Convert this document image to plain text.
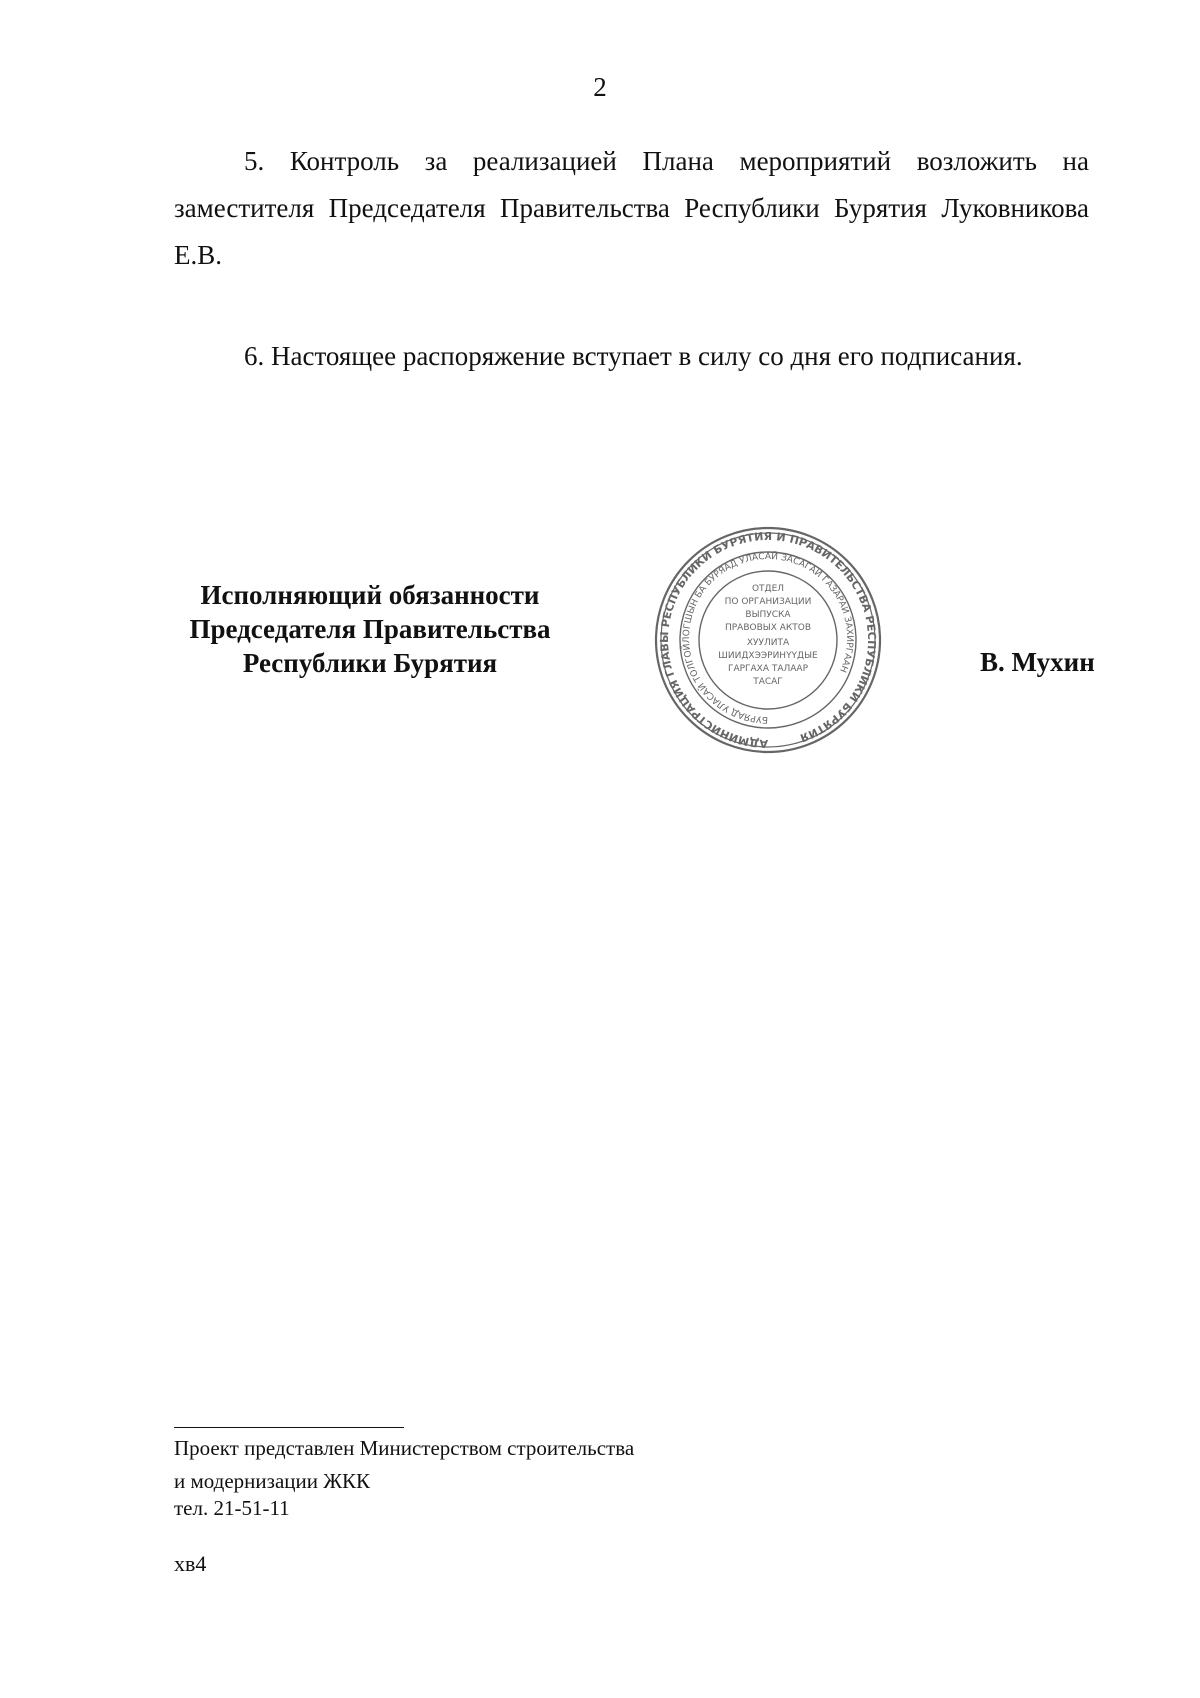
2
5. Контроль за реализацией Плана мероприятий возложить на заместителя Председателя Правительства Республики Бурятия Луковникова Е.В.
6. Настоящее распоряжение вступает в силу со дня его подписания.
Исполняющий обязанности
Председателя Правительства
Республики Бурятия
АДМИНИСТРАЦИЯ ГЛАВЫ РЕСПУБЛИКИ БУРЯТИЯ И ПРАВИТЕЛЬСТВА РЕСПУБЛИКИ БУРЯТИЯ
БУРЯАД УЛАСАЙ ТОЛГОЙЛОГШЫН БА БУРЯАД УЛАСАЙ ЗАСАГАЙ ГАЗАРАЙ ЗАХИРГААН
ОТДЕЛ
ПО ОРГАНИЗАЦИИ
ВЫПУСКА
ПРАВОВЫХ АКТОВ
ХУУЛИТА
ШИИДХЭЭРИНҮҮДЫЕ
ГАРГАХА ТАЛААР
ТАСАГ
В. Мухин
Проект представлен Министерством строительства
и модернизации ЖКК
тел. 21-51-11
хв4
